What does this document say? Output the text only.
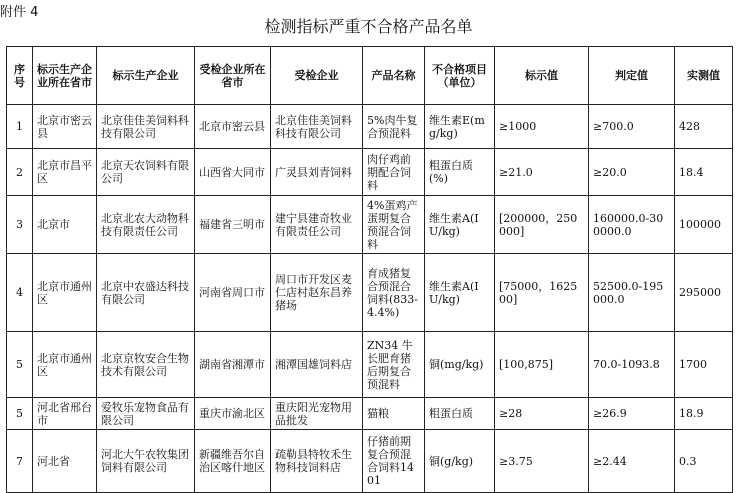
附件 4
检测指标严重不合格产品名单
序号	标示生产企业所在省市	标示生产企业	受检企业所在省市	受检企业	产品名称	不合格项目（单位）	标示值	判定值	实测值
1	北京市密云县	北京佳佳美饲料科技有限公司	北京市密云县	北京佳佳美饲料科技有限公司	5%肉牛复合预混料	维生素E(mg/kg)	≥1000	≥700.0	428
2	北京市昌平区	北京天农饲料有限公司	山西省大同市	广灵县刘青饲料	肉仔鸡前期配合饲料	粗蛋白质(%)	≥21.0	≥20.0	18.4
3	北京市	北京北农大动物科技有限责任公司	福建省三明市	建宁县建奇牧业有限责任公司	4%蛋鸡产蛋期复合预混合饲料	维生素A(IU/kg)	[200000，250000]	160000.0-300000.0	100000
4	北京市通州区	北京中农盛达科技有限公司	河南省周口市	周口市开发区麦仁店村赵东昌养猪场	育成猪复合预混合饲料(833-4.4%)	维生素A(IU/kg)	[75000，162500]	52500.0-195000.0	295000
5	北京市通州区	北京京牧安合生物技术有限公司	湖南省湘潭市	湘潭国雄饲料店	ZN34 牛长肥育猪后期复合预混料	铜(mg/kg)	[100,875]	70.0-1093.8	1700
5	河北省邢台市	爱牧乐宠物食品有限公司	重庆市渝北区	重庆阳光宠物用品批发	猫粮	粗蛋白质	≥28	≥26.9	18.9
7	河北省	河北大午农牧集团饲料有限公司	新疆维吾尔自治区喀什地区	疏勒县特牧禾生物科技饲料店	仔猪前期复合预混合饲料1401	铜(g/kg)	≥3.75	≥2.44	0.3
